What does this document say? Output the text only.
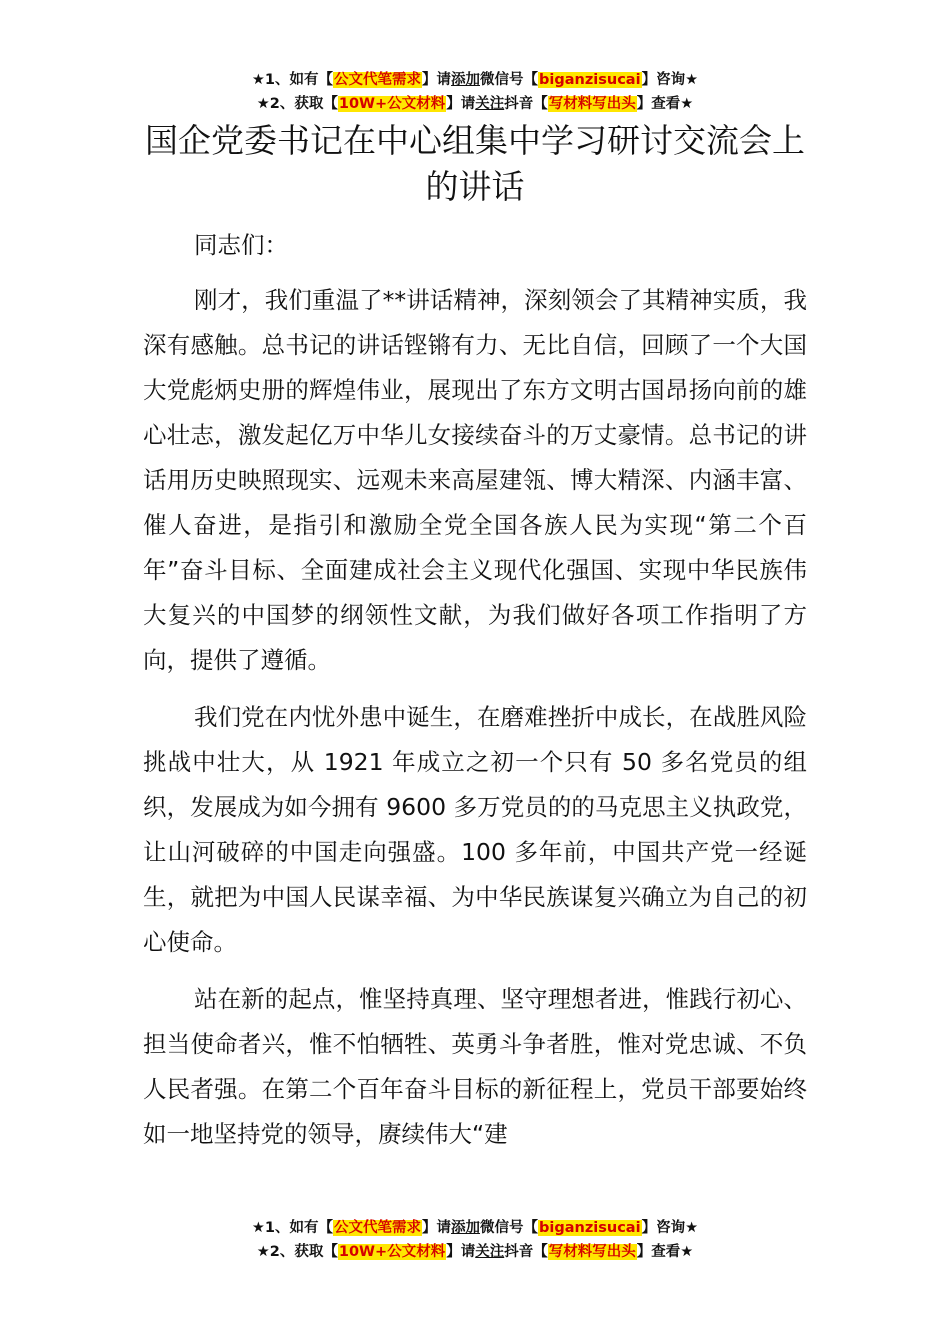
★1、如有【公文代笔需求】请添加微信号【biganzisucai】咨询★
★2、获取【10W+公文材料】请关注抖音【写材料写出头】查看★
国企党委书记在中心组集中学习研讨交流会上的讲话

同志们：

刚才，我们重温了**讲话精神，深刻领会了其精神实质，我深有感触。总书记的讲话铿锵有力、无比自信，回顾了一个大国大党彪炳史册的辉煌伟业，展现出了东方文明古国昂扬向前的雄心壮志，激发起亿万中华儿女接续奋斗的万丈豪情。总书记的讲话用历史映照现实、远观未来高屋建瓴、博大精深、内涵丰富、催人奋进，是指引和激励全党全国各族人民为实现“第二个百年”奋斗目标、全面建成社会主义现代化强国、实现中华民族伟大复兴的中国梦的纲领性文献，为我们做好各项工作指明了方向，提供了遵循。

我们党在内忧外患中诞生，在磨难挫折中成长，在战胜风险挑战中壮大，从 1921 年成立之初一个只有 50 多名党员的组织，发展成为如今拥有 9600 多万党员的的马克思主义执政党，让山河破碎的中国走向强盛。100 多年前，中国共产党一经诞生，就把为中国人民谋幸福、为中华民族谋复兴确立为自己的初心使命。

站在新的起点，惟坚持真理、坚守理想者进，惟践行初心、担当使命者兴，惟不怕牺牲、英勇斗争者胜，惟对党忠诚、不负人民者强。在第二个百年奋斗目标的新征程上，党员干部要始终如一地坚持党的领导，赓续伟大“建

★1、如有【公文代笔需求】请添加微信号【biganzisucai】咨询★
★2、获取【10W+公文材料】请关注抖音【写材料写出头】查看★
